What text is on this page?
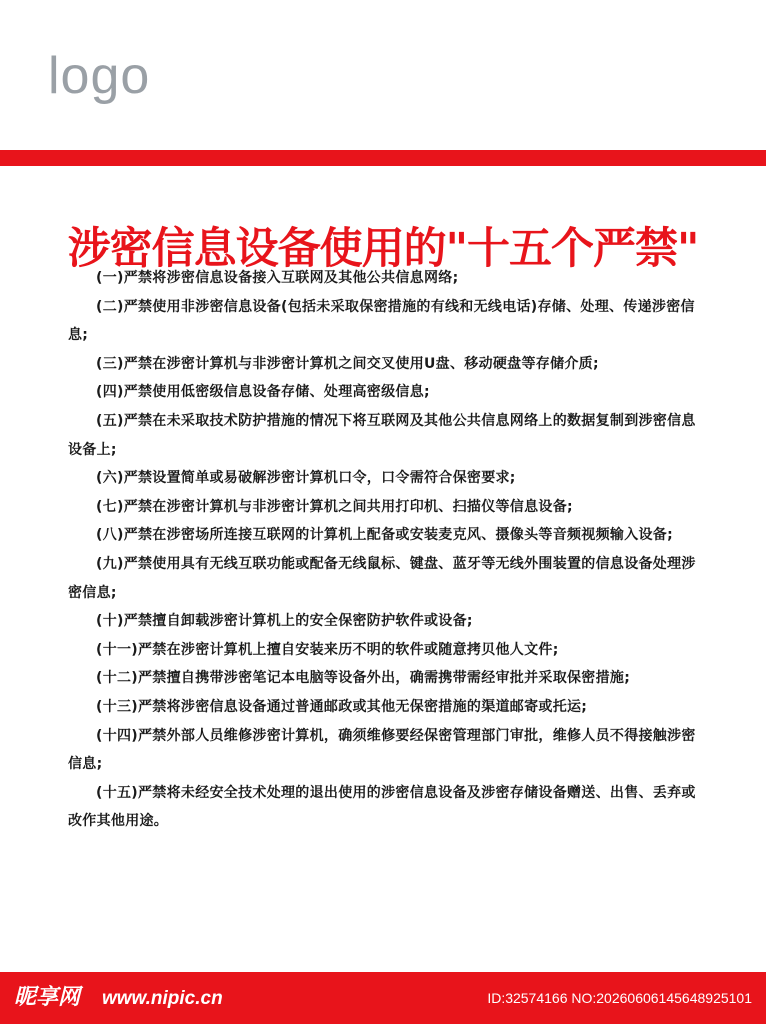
logo
涉密信息设备使用的"十五个严禁"
(一)严禁将涉密信息设备接入互联网及其他公共信息网络;
(二)严禁使用非涉密信息设备(包括未采取保密措施的有线和无线电话)存储、处理、传递涉密信息;
(三)严禁在涉密计算机与非涉密计算机之间交叉使用U盘、移动硬盘等存储介质;
(四)严禁使用低密级信息设备存储、处理高密级信息;
(五)严禁在未采取技术防护措施的情况下将互联网及其他公共信息网络上的数据复制到涉密信息设备上;
(六)严禁设置简单或易破解涉密计算机口令，口令需符合保密要求;
(七)严禁在涉密计算机与非涉密计算机之间共用打印机、扫描仪等信息设备;
(八)严禁在涉密场所连接互联网的计算机上配备或安装麦克风、摄像头等音频视频输入设备;
(九)严禁使用具有无线互联功能或配备无线鼠标、键盘、蓝牙等无线外围装置的信息设备处理涉密信息;
(十)严禁擅自卸载涉密计算机上的安全保密防护软件或设备;
(十一)严禁在涉密计算机上擅自安装来历不明的软件或随意拷贝他人文件;
(十二)严禁擅自携带涉密笔记本电脑等设备外出，确需携带需经审批并采取保密措施;
(十三)严禁将涉密信息设备通过普通邮政或其他无保密措施的渠道邮寄或托运;
(十四)严禁外部人员维修涉密计算机，确须维修要经保密管理部门审批，维修人员不得接触涉密信息;
(十五)严禁将未经安全技术处理的退出使用的涉密信息设备及涉密存储设备赠送、出售、丢弃或改作其他用途。
昵享网 www.nipic.cn	ID:32574166 NO:20260606145648925101
